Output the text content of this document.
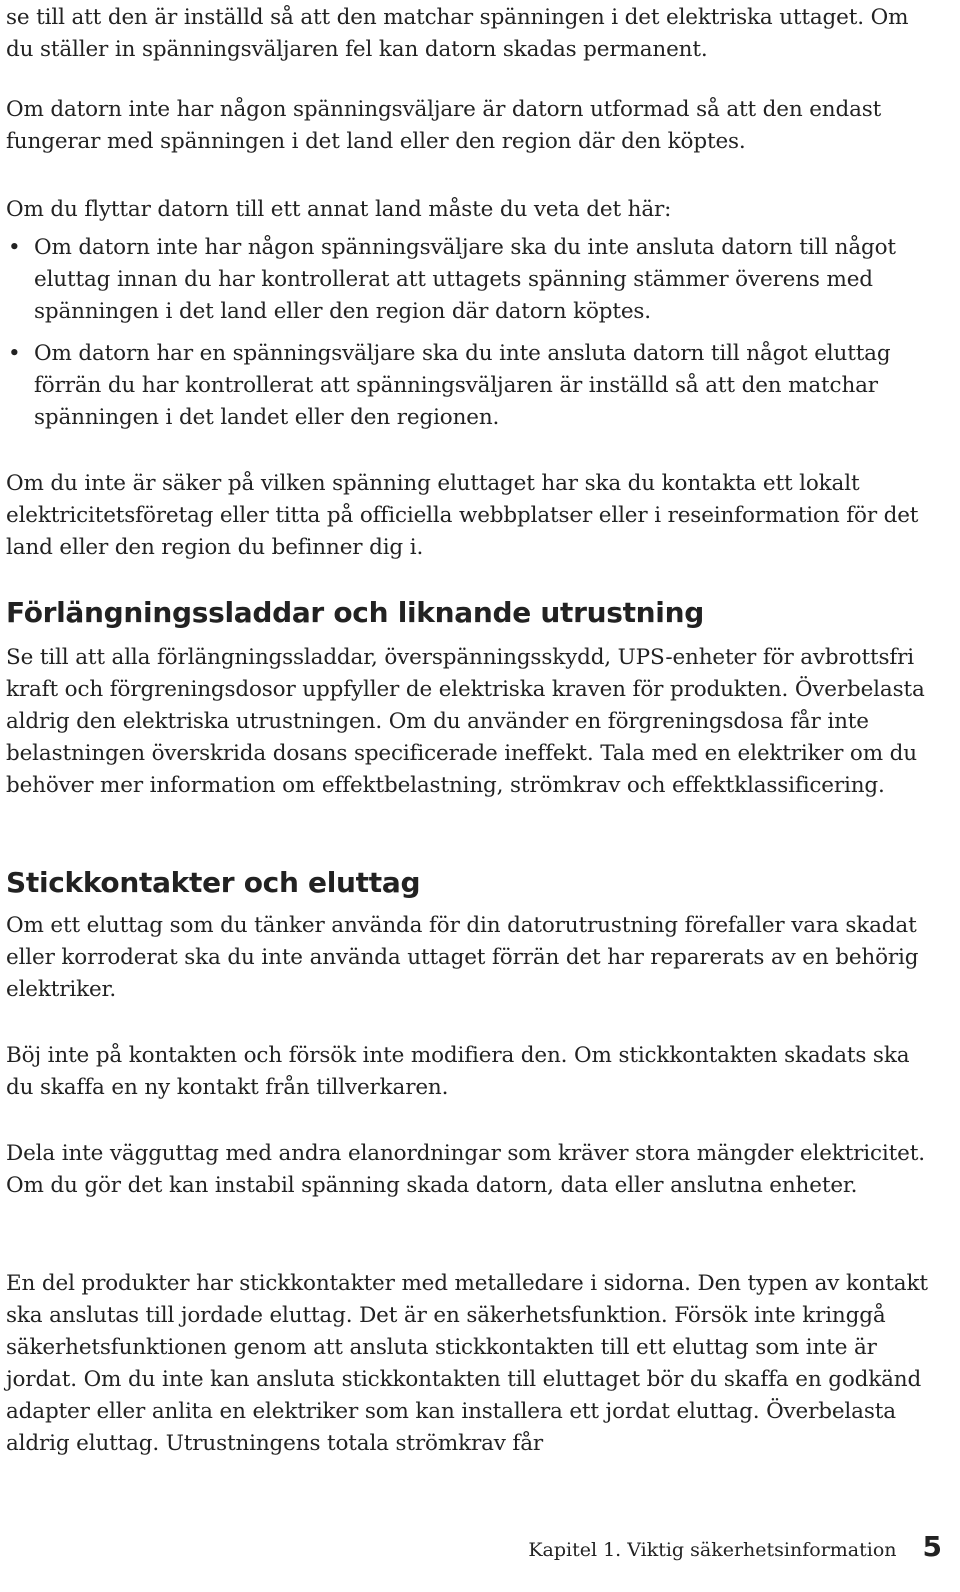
se till att den är inställd så att den matchar spänningen i det elektriska uttaget. Om du ställer in spänningsväljaren fel kan datorn skadas permanent.

Om datorn inte har någon spänningsväljare är datorn utformad så att den endast fungerar med spänningen i det land eller den region där den köptes.

Om du flyttar datorn till ett annat land måste du veta det här:

• Om datorn inte har någon spänningsväljare ska du inte ansluta datorn till något eluttag innan du har kontrollerat att uttagets spänning stämmer överens med spänningen i det land eller den region där datorn köptes.
• Om datorn har en spänningsväljare ska du inte ansluta datorn till något eluttag förrän du har kontrollerat att spänningsväljaren är inställd så att den matchar spänningen i det landet eller den regionen.

Om du inte är säker på vilken spänning eluttaget har ska du kontakta ett lokalt elektricitetsföretag eller titta på officiella webbplatser eller i reseinformation för det land eller den region du befinner dig i.

Förlängningssladdar och liknande utrustning

Se till att alla förlängningssladdar, överspänningsskydd, UPS-enheter för avbrottsfri kraft och förgreningsdosor uppfyller de elektriska kraven för produkten. Överbelasta aldrig den elektriska utrustningen. Om du använder en förgreningsdosa får inte belastningen överskrida dosans specificerade ineffekt. Tala med en elektriker om du behöver mer information om effektbelastning, strömkrav och effektklassificering.

Stickkontakter och eluttag

Om ett eluttag som du tänker använda för din datorutrustning förefaller vara skadat eller korroderat ska du inte använda uttaget förrän det har reparerats av en behörig elektriker.

Böj inte på kontakten och försök inte modifiera den. Om stickkontakten skadats ska du skaffa en ny kontakt från tillverkaren.

Dela inte vägguttag med andra elanordningar som kräver stora mängder elektricitet. Om du gör det kan instabil spänning skada datorn, data eller anslutna enheter.

En del produkter har stickkontakter med metalledare i sidorna. Den typen av kontakt ska anslutas till jordade eluttag. Det är en säkerhetsfunktion. Försök inte kringgå säkerhetsfunktionen genom att ansluta stickkontakten till ett eluttag som inte är jordat. Om du inte kan ansluta stickkontakten till eluttaget bör du skaffa en godkänd adapter eller anlita en elektriker som kan installera ett jordat eluttag. Överbelasta aldrig eluttag. Utrustningens totala strömkrav får

Kapitel 1. Viktig säkerhetsinformation 5
